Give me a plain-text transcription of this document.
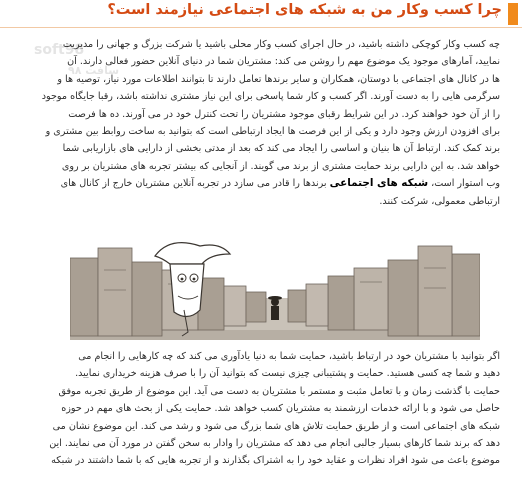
چرا کسب وکار من به شبکه های اجتماعی نیازمند است؟
soft98
سافت ۹۸
چه کسب وکار کوچکی داشته باشید، در حال اجرای کسب وکار محلی باشید یا شرکت بزرگ و جهانی را مدیریت
نمایید، آمارهای موجود یک موضوع مهم را روشن می کند: مشتریان شما در دنیای آنلاین حضور فعالی دارند. آن
ها در کانال های اجتماعی با دوستان، همکاران و سایر برندها تعامل دارند تا بتوانند اطلاعات مورد نیاز، توصیه ها و
سرگرمی هایی را به دست آورند. اگر کسب و کار شما پاسخی برای این نیاز مشتری نداشته باشد، رقبا جایگاه موجود
را از آن خود خواهند کرد. در این شرایط رقبای موجود مشتریان را تحت کنترل خود در می آورند. ده ها فرصت
برای افزودن ارزش وجود دارد و یکی از این فرصت ها ایجاد ارتباطی است که بتوانید به ساخت روابط بین مشتری و
برند کمک کند. ارتباط آن ها بنیان و اساسی را ایجاد می کند که بعد از مدتی بخشی از دارایی های بازاریابی شما
خواهد شد. به این دارایی برند حمایت مشتری از برند می گویند. از آنجایی که بیشتر تجربه های مشتریان بر روی
وب استوار است، شبکه های اجتماعی برندها را قادر می سازد در تجربه آنلاین مشتریان خارج از کانال های
ارتباطی معمولی، شرکت کنند.
اگر بتوانید با مشتریان خود در ارتباط باشید، حمایت شما به دنیا یادآوری می کند که چه کارهایی را انجام می
دهید و شما چه کسی هستید. حمایت و پشتیبانی چیزی نیست که بتوانید آن را با صرف هزینه خریداری نمایید.
حمایت با گذشت زمان و با تعامل مثبت و مستمر با مشتریان به دست می آید. این موضوع از طریق تجربه موفق
حاصل می شود و با ارائه خدمات ارزشمند به مشتریان کسب خواهد شد. حمایت یکی از بحث های مهم در حوزه
شبکه های اجتماعی است و از طریق حمایت تلاش های شما بزرگ می شود و رشد می کند. این موضوع نشان می
دهد که برند شما کارهای بسیار جالبی انجام می دهد که مشتریان را وادار به سخن گفتن در مورد آن می نمایند. این
موضوع باعث می شود افراد نظرات و عقاید خود را به اشتراک بگذارند و از تجربه هایی که با شما داشتند در شبکه
